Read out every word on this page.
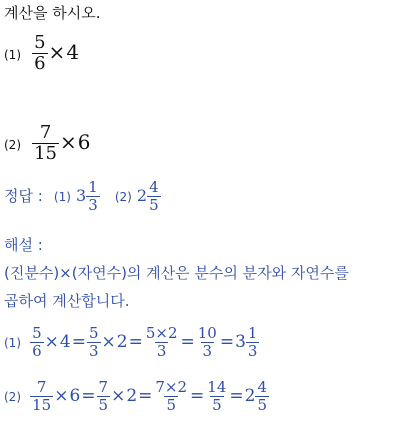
계산을 하시오.
$(1) \frac{5}{6} \times 4$
$(2) \frac{7}{15} \times 6$
정답 : (1) $3 \frac{1}{3} (2)$ $2 \frac{4}{5}$
해설 :
(진분수)×(자연수)의 계산은 분수의 분자와 자연수를
곱하여 계산합니다.
$(1) \frac{5}{6} \times 4= \frac{5}{3} \times 2= \frac{5\times 2}{3} = \frac{10}{3} =3 \frac{1}{3}$
$(2) \frac{7}{15} \times 6= \frac{7}{5} \times 2= \frac{7\times 2}{5} = \frac{14}{5} =2 \frac{4}{5}$
